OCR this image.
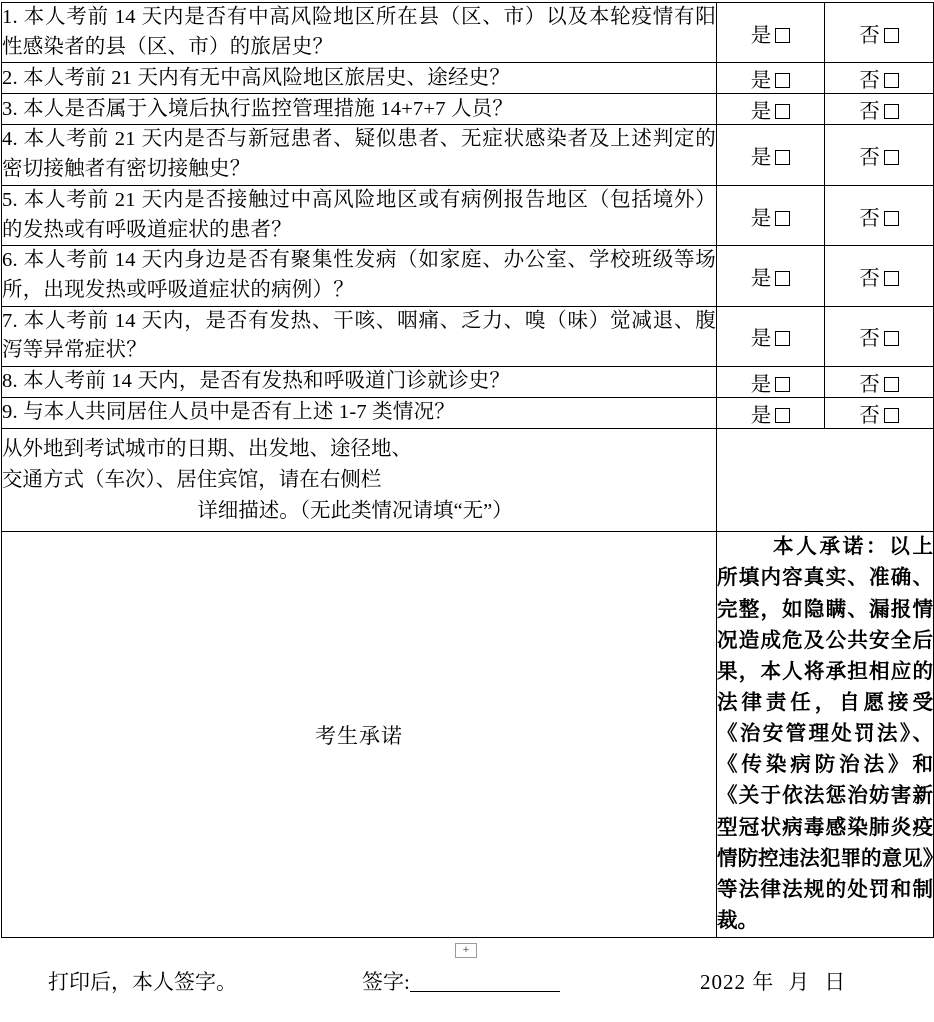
1. 本人考前 14 天内是否有中高风险地区所在县（区、市）以及本轮疫情有阳性感染者的县（区、市）的旅居史？	是	否
2. 本人考前 21 天内有无中高风险地区旅居史、途经史？	是	否
3. 本人是否属于入境后执行监控管理措施 14+7+7 人员？	是	否
4. 本人考前 21 天内是否与新冠患者、疑似患者、无症状感染者及上述判定的密切接触者有密切接触史？	是	否
5. 本人考前 21 天内是否接触过中高风险地区或有病例报告地区（包括境外）的发热或有呼吸道症状的患者？	是	否
6. 本人考前 14 天内身边是否有聚集性发病（如家庭、办公室、学校班级等场所，出现发热或呼吸道症状的病例）？	是	否
7. 本人考前 14 天内，是否有发热、干咳、咽痛、乏力、嗅（味）觉减退、腹泻等异常症状？	是	否
8. 本人考前 14 天内，是否有发热和呼吸道门诊就诊史？	是	否
9. 与本人共同居住人员中是否有上述 1-7 类情况？	是	否

从外地到考试城市的日期、出发地、途径地、
交通方式（车次）、居住宾馆，请在右侧栏
详细描述。（无此类情况请填“无”）		

考生承诺	本人承诺：以上所填内容真实、准确、完整，如隐瞒、漏报情况造成危及公共安全后果，本人将承担相应的法律责任，自愿接受《治安管理处罚法》、《传染病防治法》和《关于依法惩治妨害新型冠状病毒感染肺炎疫情防控违法犯罪的意见》等法律法规的处罚和制裁。	
+
打印后，本人签字。	签字:	2022 年 月 日
